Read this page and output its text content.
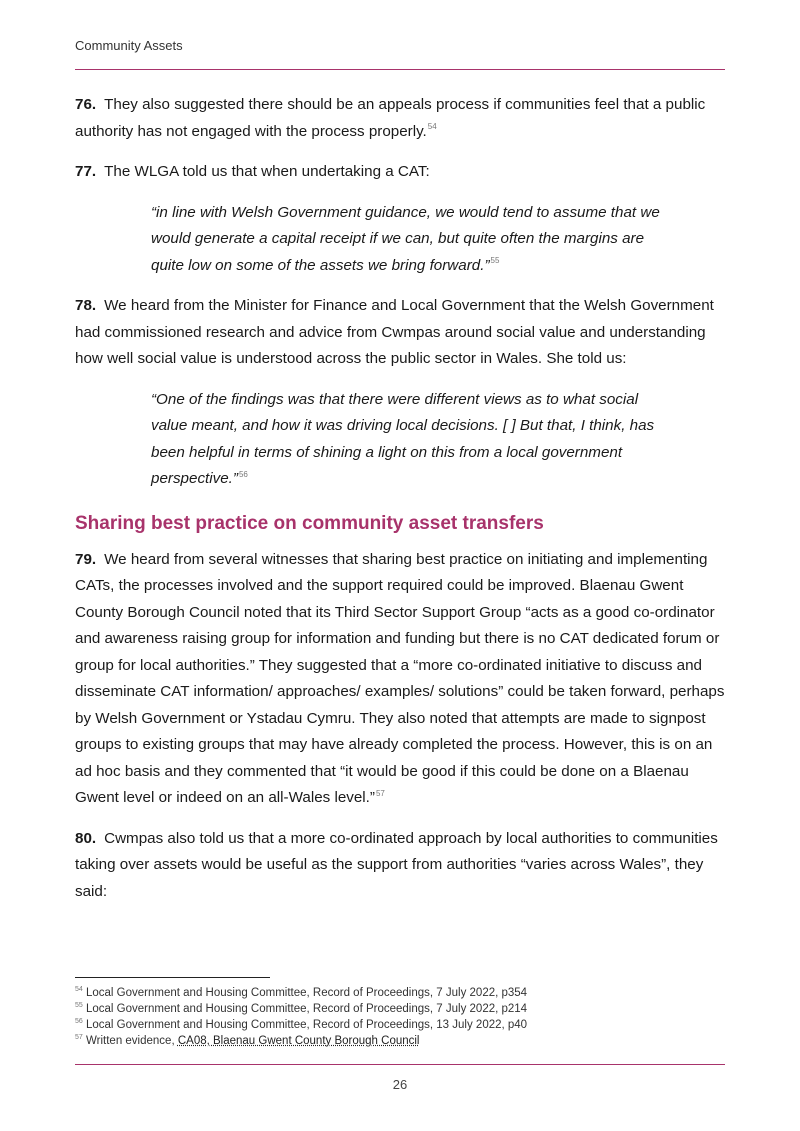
Community Assets

76. They also suggested there should be an appeals process if communities feel that a public authority has not engaged with the process properly.$^{54}$

77. The WLGA told us that when undertaking a CAT:

“in line with Welsh Government guidance, we would tend to assume that we would generate a capital receipt if we can, but quite often the margins are quite low on some of the assets we bring forward.”$^{55}$

78. We heard from the Minister for Finance and Local Government that the Welsh Government had commissioned research and advice from Cwmpas around social value and understanding how well social value is understood across the public sector in Wales. She told us:

“One of the findings was that there were different views as to what social value meant, and how it was driving local decisions. [ ] But that, I think, has been helpful in terms of shining a light on this from a local government perspective.”$^{56}$

Sharing best practice on community asset transfers

79. We heard from several witnesses that sharing best practice on initiating and implementing CATs, the processes involved and the support required could be improved. Blaenau Gwent County Borough Council noted that its Third Sector Support Group “acts as a good co-ordinator and awareness raising group for information and funding but there is no CAT dedicated forum or group for local authorities.” They suggested that a “more co-ordinated initiative to discuss and disseminate CAT information/ approaches/ examples/ solutions” could be taken forward, perhaps by Welsh Government or Ystadau Cymru. They also noted that attempts are made to signpost groups to existing groups that may have already completed the process. However, this is on an ad hoc basis and they commented that “it would be good if this could be done on a Blaenau Gwent level or indeed on an all-Wales level.”$^{57}$

80. Cwmpas also told us that a more co-ordinated approach by local authorities to communities taking over assets would be useful as the support from authorities “varies across Wales”, they said:

$^{54}$ Local Government and Housing Committee, Record of Proceedings, 7 July 2022, p354
$^{55}$ Local Government and Housing Committee, Record of Proceedings, 7 July 2022, p214
$^{56}$ Local Government and Housing Committee, Record of Proceedings, 13 July 2022, p40
$^{57}$ Written evidence, CA08, Blaenau Gwent County Borough Council
26
